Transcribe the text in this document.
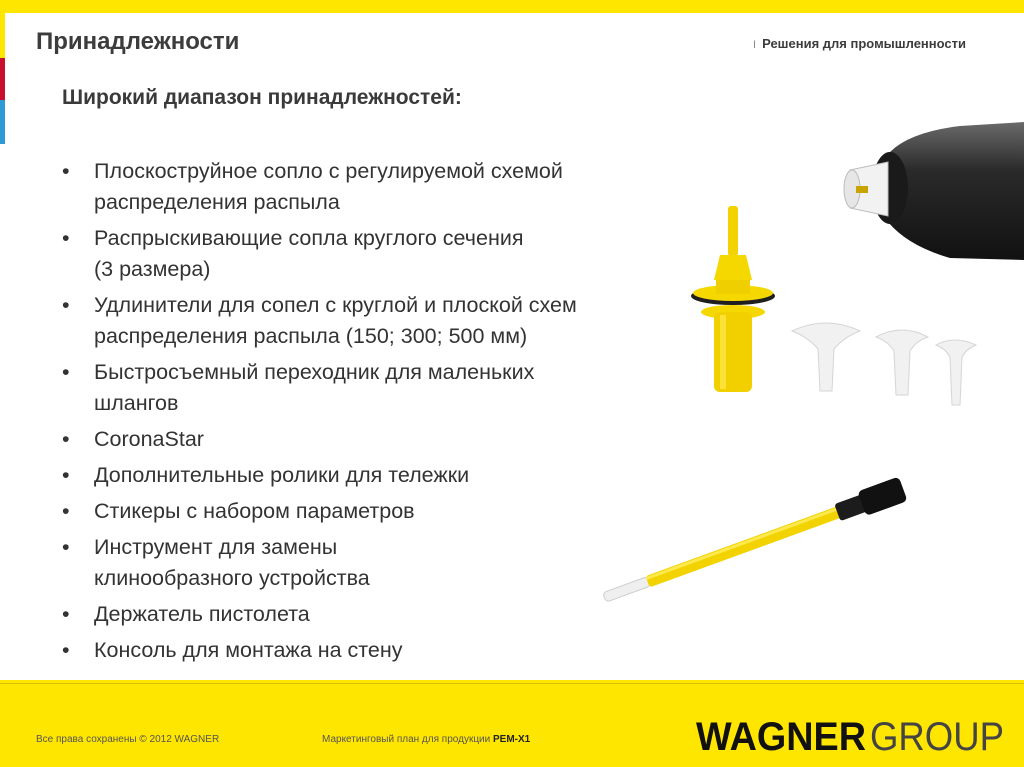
Принадлежности	I Решения для промышленности
Широкий диапазон принадлежностей:
• Плоскоструйное сопло с регулируемой схемой
распределения распыла
• Распрыскивающие сопла круглого сечения
(3 размера)
• Удлинители для сопел с круглой и плоской схем
распределения распыла (150; 300; 500 мм)
• Быстросъемный переходник для маленьких
шлангов
• CoronaStar
• Дополнительные ролики для тележки
• Стикеры с набором параметров
• Инструмент для замены
клинообразного устройства
• Держатель пистолета
• Консоль для монтажа на стену
Все права сохранены © 2012 WAGNER	Маркетинговый план для продукции PEM-X1	WAGNER GROUP
